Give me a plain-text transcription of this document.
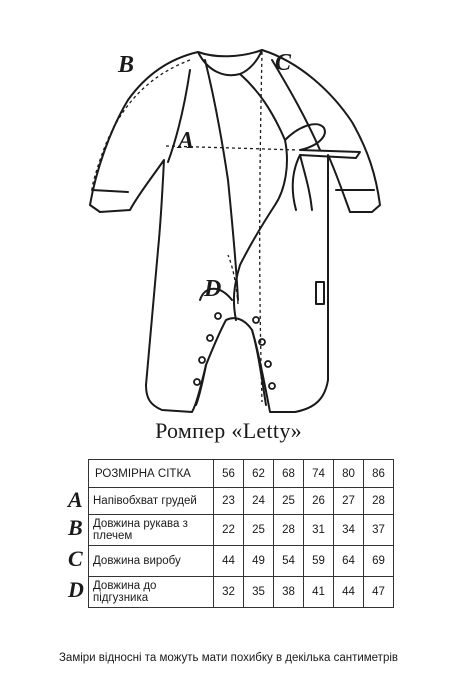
B	C
A
D
Ромпер «Letty»
A
B
C
D
РОЗМІРНА СІТКА	56	62	68	74	80	86
Напівобхват грудей	23	24	25	26	27	28
Довжина рукава з плечем	22	25	28	31	34	37
Довжина виробу	44	49	54	59	64	69
Довжина до підгузника	32	35	38	41	44	47
Заміри відносні та можуть мати похибку в декілька сантиметрів
